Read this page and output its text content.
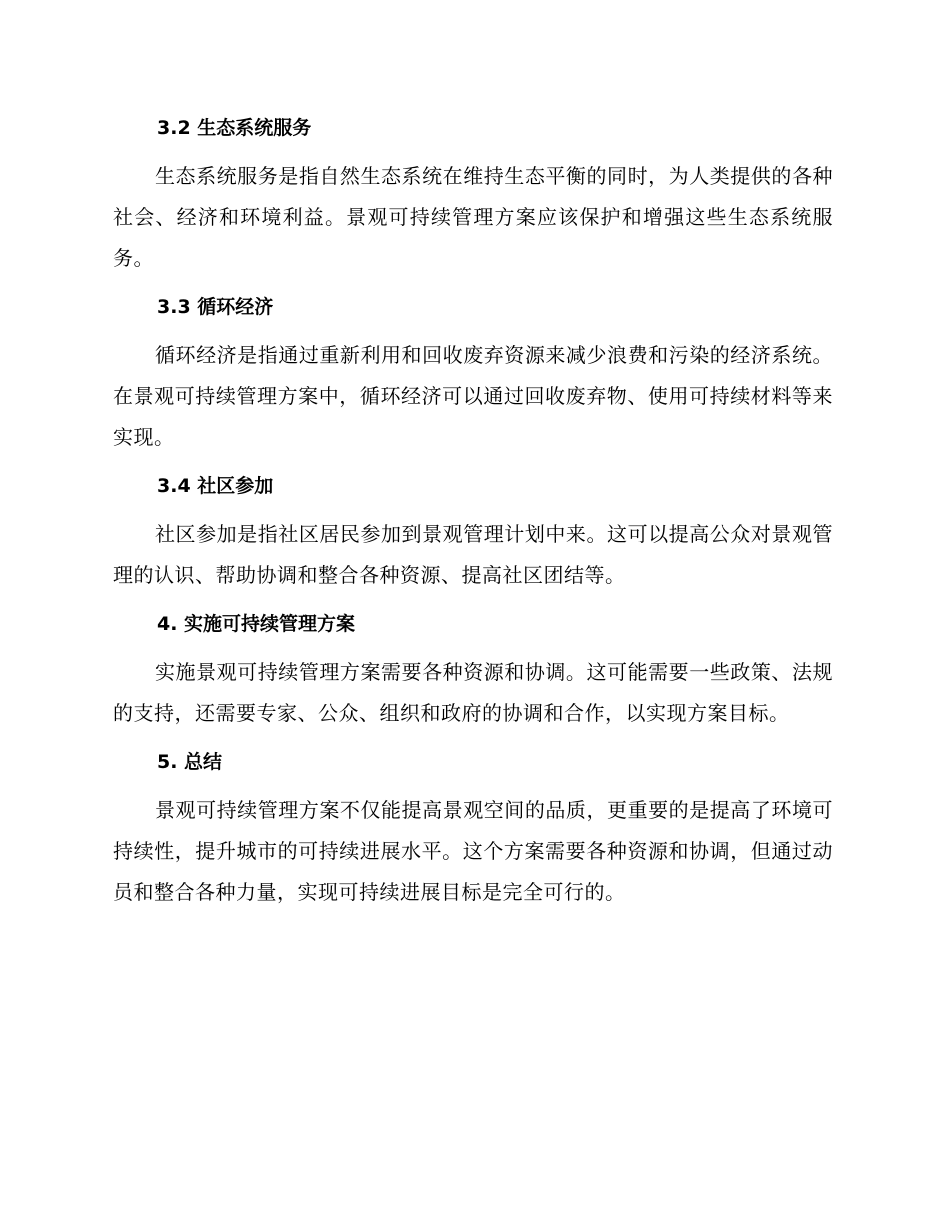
3.2 生态系统服务

生态系统服务是指自然生态系统在维持生态平衡的同时，为人类提供的各种社会、经济和环境利益。景观可持续管理方案应该保护和增强这些生态系统服务。

3.3 循环经济

循环经济是指通过重新利用和回收废弃资源来减少浪费和污染的经济系统。在景观可持续管理方案中，循环经济可以通过回收废弃物、使用可持续材料等来实现。

3.4 社区参加

社区参加是指社区居民参加到景观管理计划中来。这可以提高公众对景观管理的认识、帮助协调和整合各种资源、提高社区团结等。

4. 实施可持续管理方案

实施景观可持续管理方案需要各种资源和协调。这可能需要一些政策、法规的支持，还需要专家、公众、组织和政府的协调和合作，以实现方案目标。

5. 总结

景观可持续管理方案不仅能提高景观空间的品质，更重要的是提高了环境可持续性，提升城市的可持续进展水平。这个方案需要各种资源和协调，但通过动员和整合各种力量，实现可持续进展目标是完全可行的。
